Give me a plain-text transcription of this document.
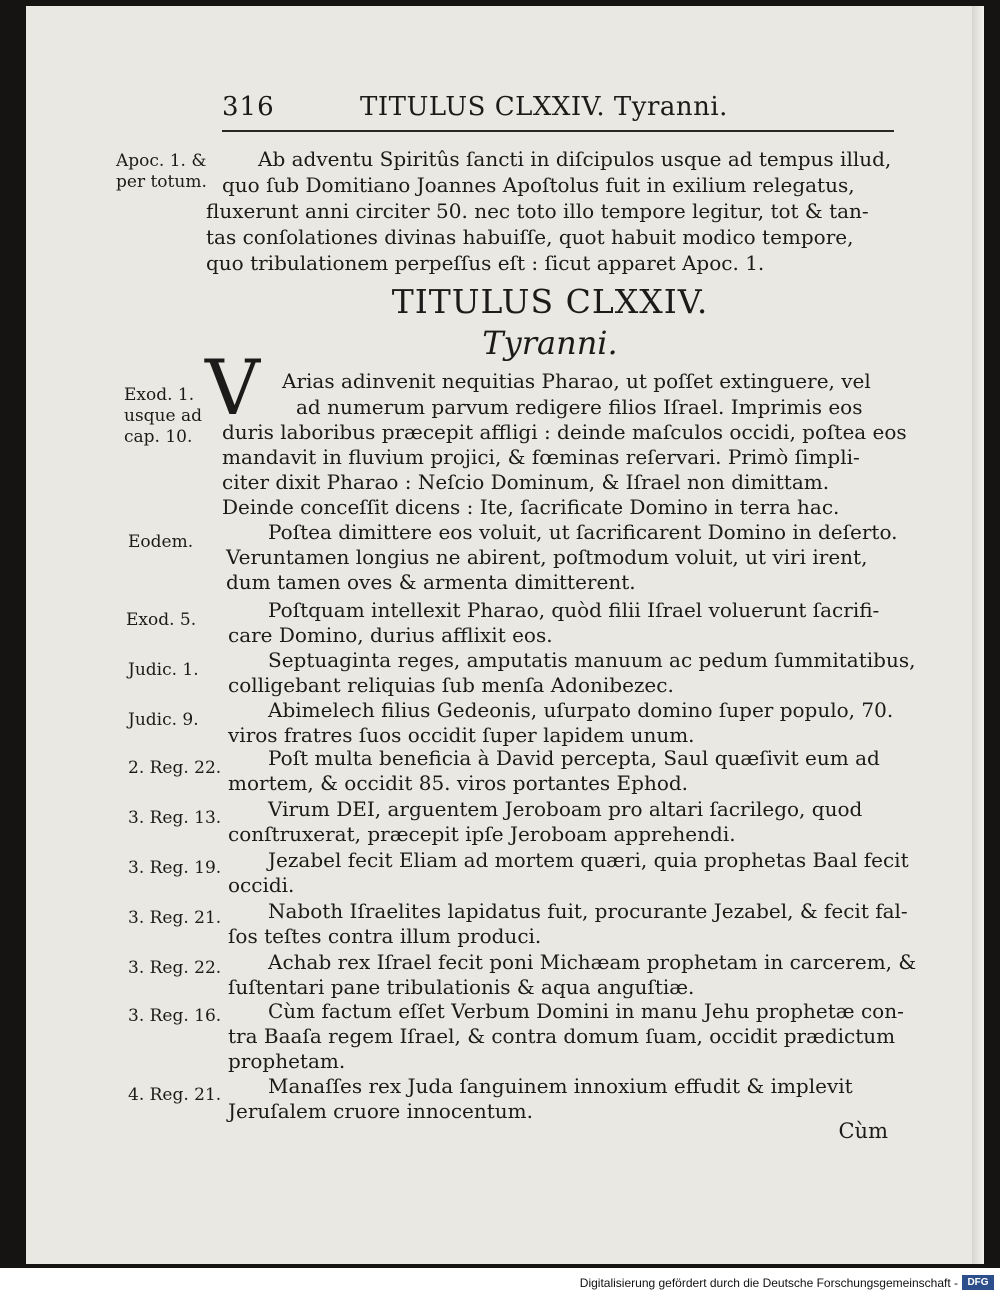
316	TITULUS CLXXIV. Tyranni.
Ab adventu Spiritûs ſancti in diſcipulos usque ad tempus illud,
quo ſub Domitiano Joannes Apoſtolus fuit in exilium relegatus,
fluxerunt anni circiter 50. nec toto illo tempore legitur, tot & tan-
tas conſolationes divinas habuiſſe, quot habuit modico tempore,
quo tribulationem perpeſſus eſt : ſicut apparet Apoc. 1.
TITULUS CLXXIV.
Tyranni.
V Arias adinvenit nequitias Pharao, ut poſſet extinguere, vel
ad numerum parvum redigere filios Iſrael. Imprimis eos
duris laboribus præcepit affligi : deinde maſculos occidi, poſtea eos
mandavit in fluvium projici, & fœminas reſervari. Primò ſimpli-
citer dixit Pharao : Neſcio Dominum, & Iſrael non dimittam.
Deinde conceſſit dicens : Ite, ſacrificate Domino in terra hac.
Poſtea dimittere eos voluit, ut ſacrificarent Domino in deſerto.
Veruntamen longius ne abirent, poſtmodum voluit, ut viri irent,
dum tamen oves & armenta dimitterent.
Poſtquam intellexit Pharao, quòd filii Iſrael voluerunt ſacrifi-
care Domino, durius afflixit eos.
Septuaginta reges, amputatis manuum ac pedum ſummitatibus,
colligebant reliquias ſub menſa Adonibezec.
Abimelech filius Gedeonis, uſurpato domino ſuper populo, 70.
viros fratres ſuos occidit ſuper lapidem unum.
Poſt multa beneficia à David percepta, Saul quæſivit eum ad
mortem, & occidit 85. viros portantes Ephod.
Virum DEI, arguentem Jeroboam pro altari ſacrilego, quod
conſtruxerat, præcepit ipſe Jeroboam apprehendi.
Jezabel fecit Eliam ad mortem quæri, quia prophetas Baal fecit
occidi.
Naboth Iſraelites lapidatus fuit, procurante Jezabel, & fecit fal-
ſos teſtes contra illum produci.
Achab rex Iſrael fecit poni Michæam prophetam in carcerem, &
ſuſtentari pane tribulationis & aqua anguſtiæ.
Cùm factum eſſet Verbum Domini in manu Jehu prophetæ con-
tra Baaſa regem Iſrael, & contra domum ſuam, occidit prædictum
prophetam.
Manaſſes rex Juda ſanguinem innoxium effudit & implevit
Jeruſalem cruore innocentum.
Cùm
Apoc. 1. &
per totum.
Exod. 1.
usque ad
cap. 10.
Eodem.
Exod. 5.
Judic. 1.
Judic. 9.
2. Reg. 22.
3. Reg. 13.
3. Reg. 19.
3. Reg. 21.
3. Reg. 22.
3. Reg. 16.
4. Reg. 21.
Digitalisierung gefördert durch die Deutsche Forschungsgemeinschaft - DFG
